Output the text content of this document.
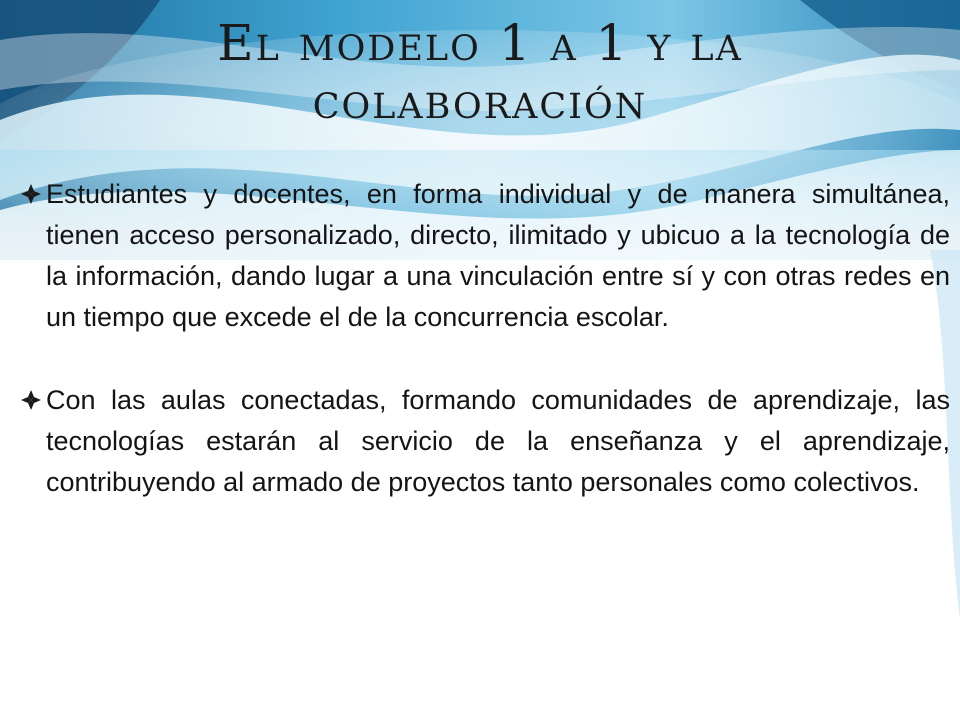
El modelo 1 a 1 y la
colaboración
Estudiantes y docentes, en forma individual y de manera simultánea, tienen acceso personalizado, directo, ilimitado y ubicuo a la tecnología de la información, dando lugar a una vinculación entre sí y con otras redes en un tiempo que excede el de la concurrencia escolar.
Con las aulas conectadas, formando comunidades de aprendizaje, las tecnologías estarán al servicio de la enseñanza y el aprendizaje, contribuyendo al armado de proyectos tanto personales como colectivos.
